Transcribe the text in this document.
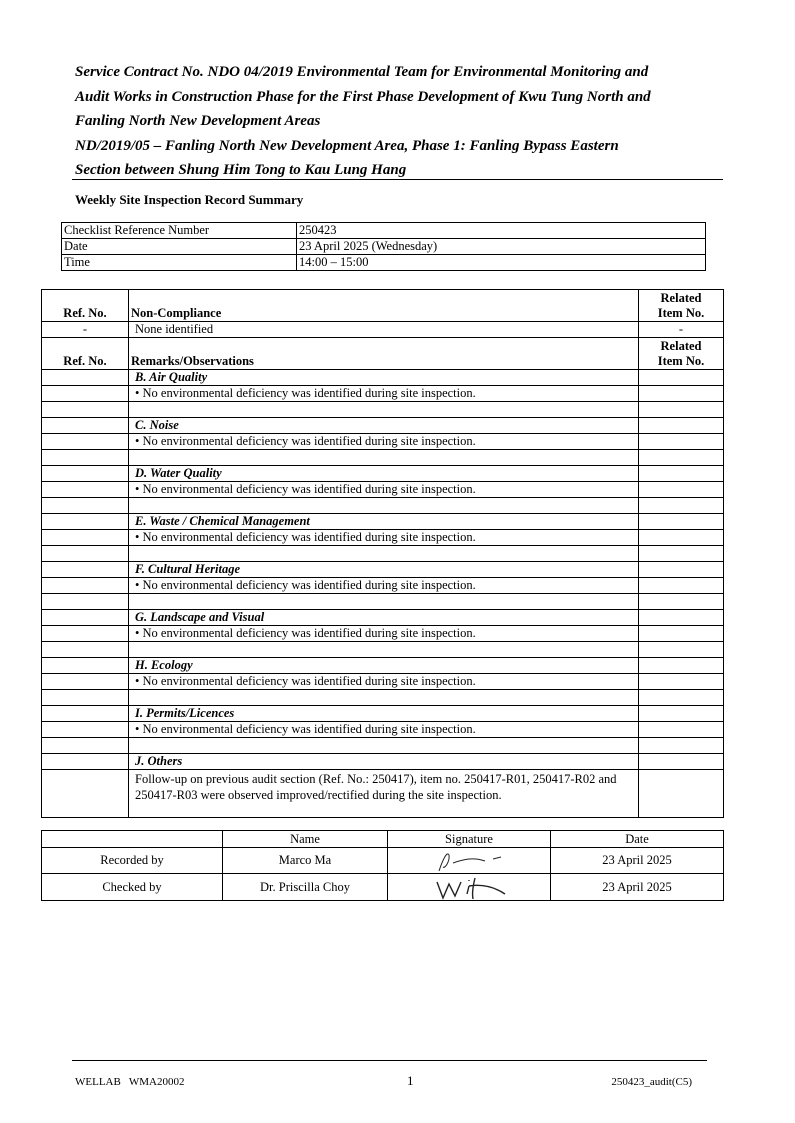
Service Contract No. NDO 04/2019 Environmental Team for Environmental Monitoring and
Audit Works in Construction Phase for the First Phase Development of Kwu Tung North and
Fanling North New Development Areas
ND/2019/05 – Fanling North New Development Area, Phase 1: Fanling Bypass Eastern
Section between Shung Him Tong to Kau Lung Hang
Weekly Site Inspection Record Summary
Checklist Reference Number	250423
Date	23 April 2025 (Wednesday)
Time	14:00 – 15:00
Ref. No.	Non-Compliance	Related
Item No.
-	None identified	-
Ref. No.	Remarks/Observations	Related
Item No.
	B. Air Quality	
	• No environmental deficiency was identified during site inspection.	

	C. Noise	
	• No environmental deficiency was identified during site inspection.	

	D. Water Quality	
	• No environmental deficiency was identified during site inspection.	

	E. Waste / Chemical Management	
	• No environmental deficiency was identified during site inspection.	

	F. Cultural Heritage	
	• No environmental deficiency was identified during site inspection.	

	G. Landscape and Visual	
	• No environmental deficiency was identified during site inspection.	

	H. Ecology	
	• No environmental deficiency was identified during site inspection.	

	I. Permits/Licences	
	• No environmental deficiency was identified during site inspection.	

	J. Others	
	Follow-up on previous audit section (Ref. No.: 250417), item no. 250417-R01, 250417-R02 and 250417-R03 were observed improved/rectified during the site inspection.	
	Name	Signature	Date
Recorded by	Marco Ma		23 April 2025
Checked by	Dr. Priscilla Choy		23 April 2025
WELLAB   WMA20002	1	250423_audit(C5)
